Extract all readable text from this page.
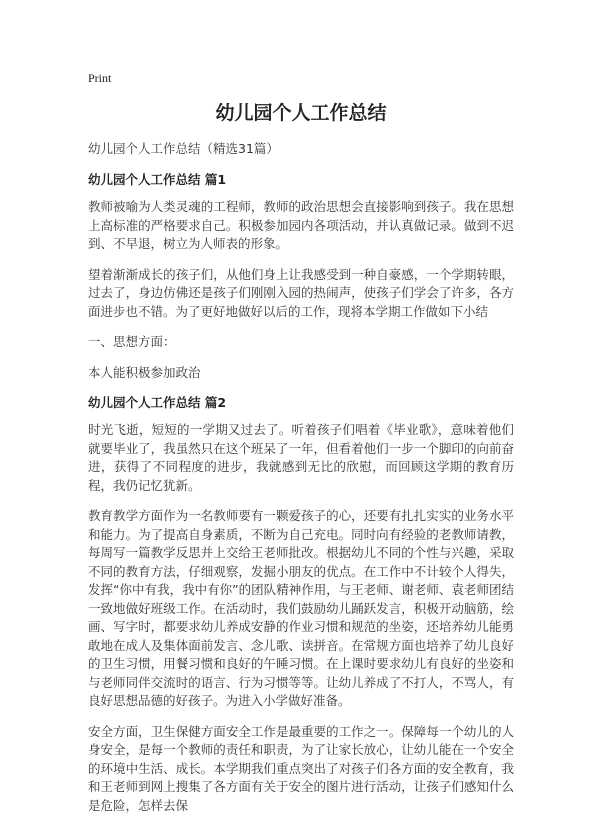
Print
幼儿园个人工作总结

幼儿园个人工作总结（精选31篇）

幼儿园个人工作总结 篇1

教师被喻为人类灵魂的工程师，教师的政治思想会直接影响到孩子。我在思想上高标准的严格要求自己。积极参加园内各项活动，并认真做记录。做到不迟到、不早退，树立为人师表的形象。

望着渐渐成长的孩子们，从他们身上让我感受到一种自豪感，一个学期转眼，过去了，身边仿佛还是孩子们刚刚入园的热闹声，使孩子们学会了许多，各方面进步也不错。为了更好地做好以后的工作，现将本学期工作做如下小结

一、思想方面：

本人能积极参加政治

幼儿园个人工作总结 篇2

时光飞逝，短短的一学期又过去了。听着孩子们唱着《毕业歌》，意味着他们就要毕业了，我虽然只在这个班呆了一年，但看着他们一步一个脚印的向前奋进，获得了不同程度的进步，我就感到无比的欣慰，而回顾这学期的教育历程，我仍记忆犹新。

教育教学方面作为一名教师要有一颗爱孩子的心，还要有扎扎实实的业务水平和能力。为了提高自身素质，不断为自己充电。同时向有经验的老教师请教，每周写一篇教学反思并上交给王老师批改。根据幼儿不同的个性与兴趣，采取不同的教育方法，仔细观察，发掘小朋友的优点。在工作中不计较个人得失，发挥“你中有我，我中有你”的团队精神作用，与王老师、谢老师、袁老师团结一致地做好班级工作。在活动时，我们鼓励幼儿踊跃发言，积极开动脑筋，绘画、写字时，都要求幼儿养成安静的作业习惯和规范的坐姿，还培养幼儿能勇敢地在成人及集体面前发言、念儿歌、读拼音。在常规方面也培养了幼儿良好的卫生习惯，用餐习惯和良好的午睡习惯。在上课时要求幼儿有良好的坐姿和与老师同伴交流时的语言、行为习惯等等。让幼儿养成了不打人，不骂人，有良好思想品德的好孩子。为进入小学做好准备。

安全方面，卫生保健方面安全工作是最重要的工作之一。保障每一个幼儿的人身安全，是每一个教师的责任和职责，为了让家长放心，让幼儿能在一个安全的环境中生活、成长。本学期我们重点突出了对孩子们各方面的安全教育，我和王老师到网上搜集了各方面有关于安全的图片进行活动，让孩子们感知什么是危险，怎样去保
